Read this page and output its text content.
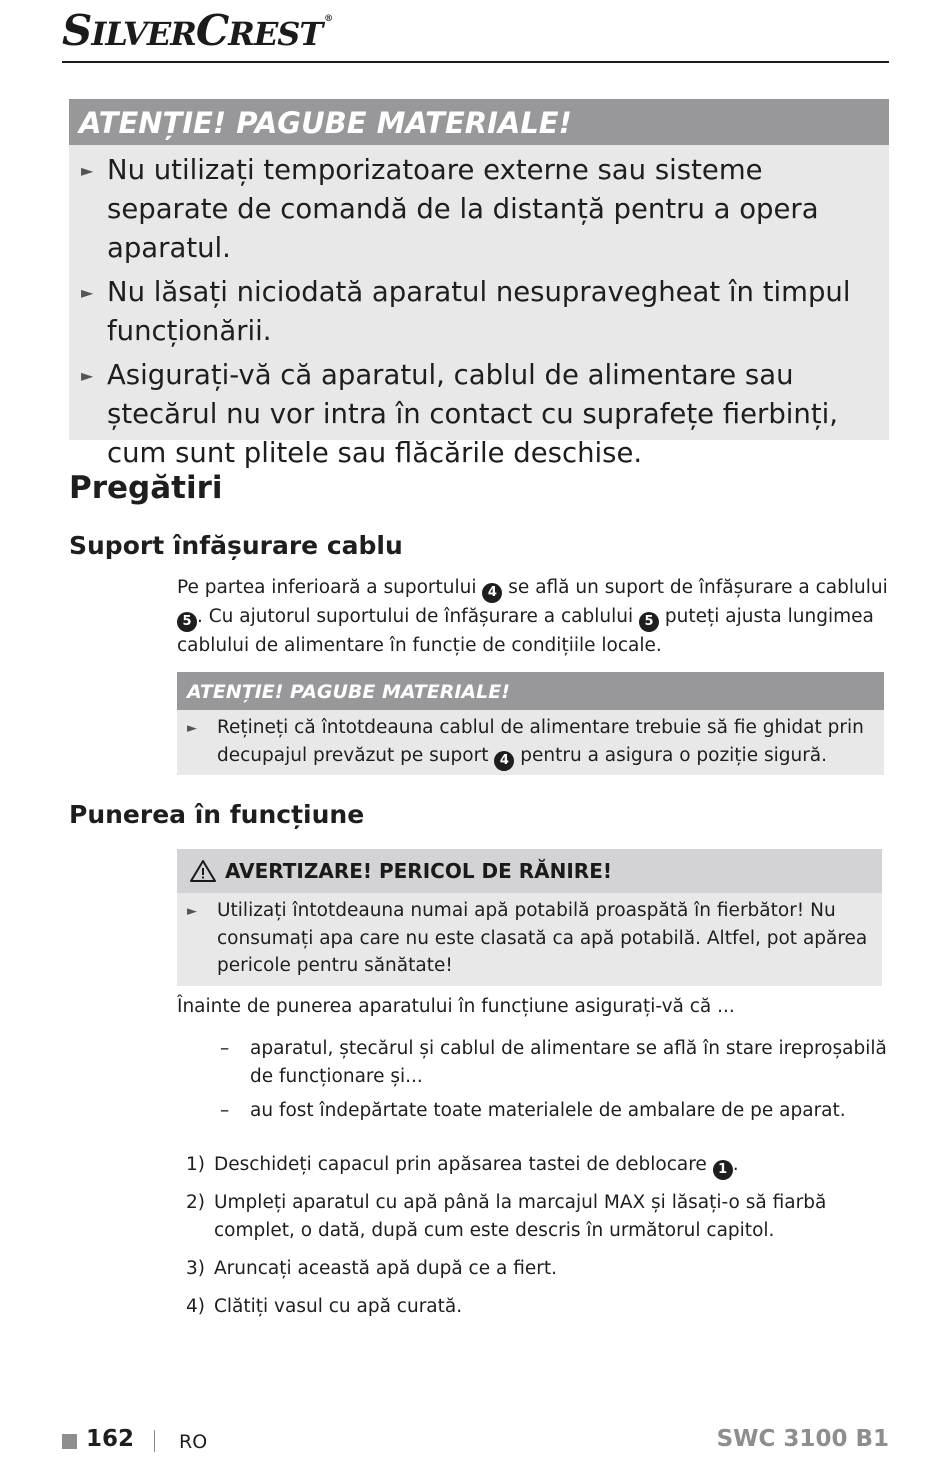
SILVERCREST ®
ATENȚIE! PAGUBE MATERIALE!
► Nu utilizați temporizatoare externe sau sisteme separate de comandă de la distanță pentru a opera aparatul.
► Nu lăsați niciodată aparatul nesupravegheat în timpul funcționării.
► Asigurați-vă că aparatul, cablul de alimentare sau ștecărul nu vor intra în contact cu suprafețe fierbinți, cum sunt plitele sau flăcările deschise.
Pregătiri
Suport înfășurare cablu
Pe partea inferioară a suportului 4 se află un suport de înfășurare a cablului 5 . Cu ajutorul suportului de înfășurare a cablului 5 puteți ajusta lungimea cablului de alimentare în funcție de condițiile locale.
ATENȚIE! PAGUBE MATERIALE!
►	Rețineți că întotdeauna cablul de alimentare trebuie să fie ghidat prin decupajul prevăzut pe suport 4 pentru a asigura o poziție sigură.
Punerea în funcțiune
AVERTIZARE! PERICOL DE RĂNIRE!
►	Utilizați întotdeauna numai apă potabilă proaspătă în fierbător! Nu consumați apa care nu este clasată ca apă potabilă. Altfel, pot apărea pericole pentru sănătate!
Înainte de punerea aparatului în funcțiune asigurați-vă că ...
–	aparatul, ștecărul și cablul de alimentare se află în stare ireproșabilă de funcționare și...
–	au fost îndepărtate toate materialele de ambalare de pe aparat.
1) Deschideți capacul prin apăsarea tastei de deblocare 1 .
2) Umpleți aparatul cu apă până la marcajul MAX și lăsați-o să fiarbă complet, o dată, după cum este descris în următorul capitol.
3) Aruncați această apă după ce a fiert.
4) Clătiți vasul cu apă curată.
162 RO	SWC 3100 B1
